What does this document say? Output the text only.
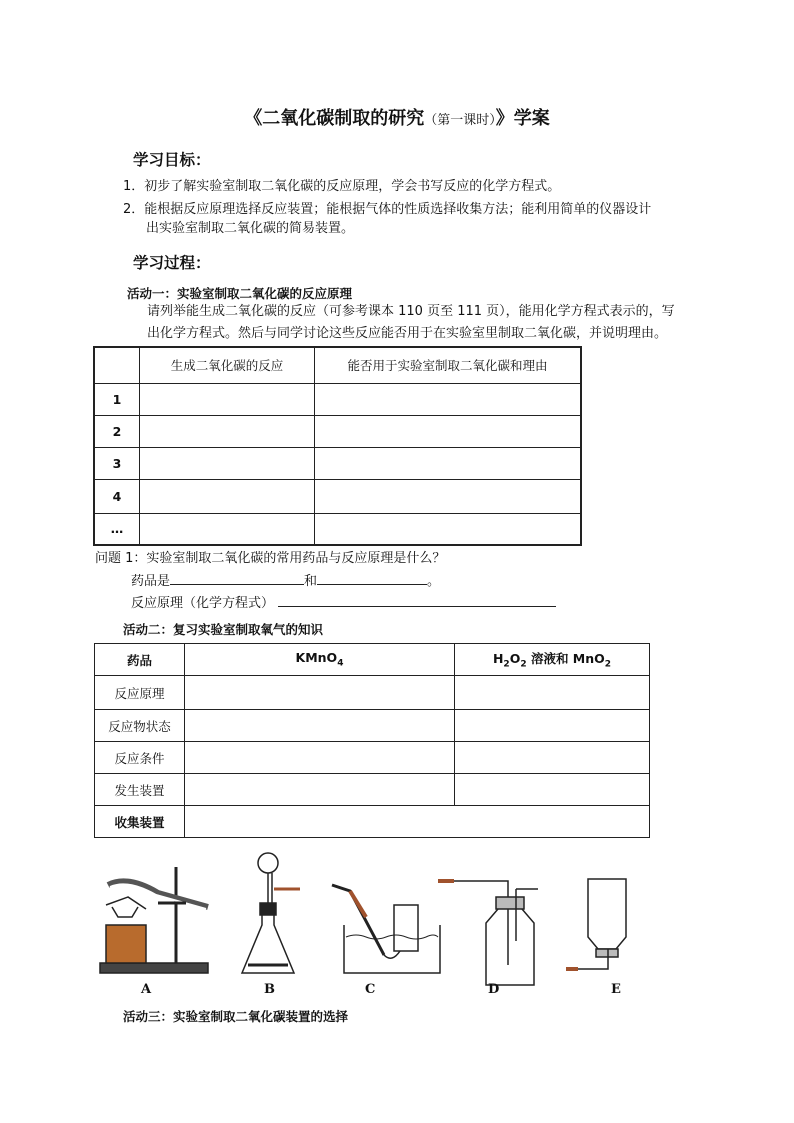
《二氧化碳制取的研究（第一课时）》学案
学习目标：
1．初步了解实验室制取二氧化碳的反应原理，学会书写反应的化学方程式。
2．能根据反应原理选择反应装置；能根据气体的性质选择收集方法；能利用简单的仪器设计
出实验室制取二氧化碳的简易装置。
学习过程：
活动一：实验室制取二氧化碳的反应原理
请列举能生成二氧化碳的反应（可参考课本 110 页至 111 页），能用化学方程式表示的，写
出化学方程式。然后与同学讨论这些反应能否用于在实验室里制取二氧化碳，并说明理由。
	生成二氧化碳的反应	能否用于实验室制取二氧化碳和理由
1		
2		
3		
4		
…		
问题 1：实验室制取二氧化碳的常用药品与反应原理是什么？
药品是	和	。
反应原理（化学方程式）
活动二：复习实验室制取氧气的知识
药品	KMnO$_4$	$H_2O_2$ 溶液和 MnO$_2$
反应原理		
反应物状态		
反应条件		
发生装置		
收集装置		
A	B	C	D	E
活动三：实验室制取二氧化碳装置的选择
